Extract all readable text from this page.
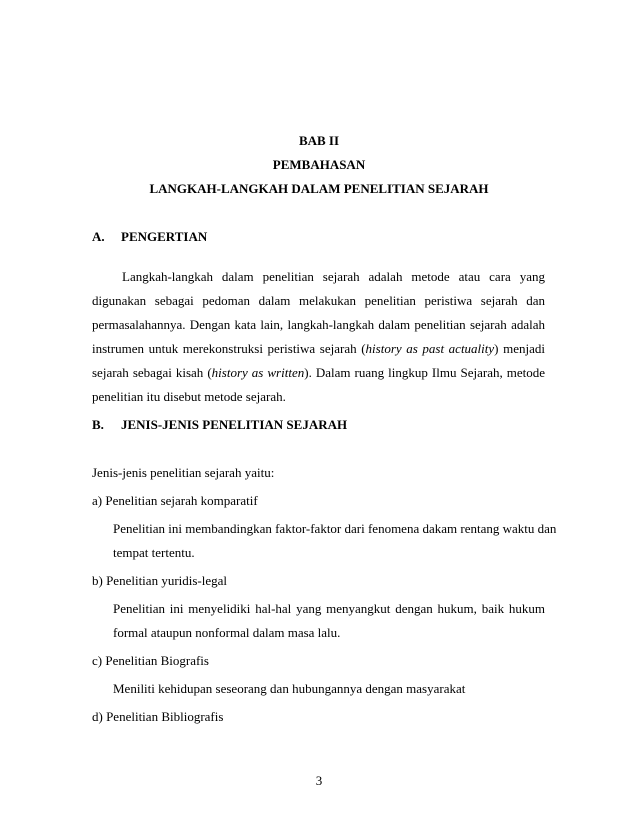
BAB II

PEMBAHASAN

LANGKAH-LANGKAH DALAM PENELITIAN SEJARAH

A. PENGERTIAN

Langkah-langkah dalam penelitian sejarah adalah metode atau cara yang

digunakan sebagai pedoman dalam melakukan penelitian peristiwa sejarah dan

permasalahannya. Dengan kata lain, langkah-langkah dalam penelitian sejarah adalah

instrumen untuk merekonstruksi peristiwa sejarah (history as past actuality) menjadi

sejarah sebagai kisah (history as written). Dalam ruang lingkup Ilmu Sejarah, metode

penelitian itu disebut metode sejarah.

B. JENIS-JENIS PENELITIAN SEJARAH

Jenis-jenis penelitian sejarah yaitu:

a) Penelitian sejarah komparatif

Penelitian ini membandingkan faktor-faktor dari fenomena dakam rentang waktu dan

tempat tertentu.

b) Penelitian yuridis-legal

Penelitian ini menyelidiki hal-hal yang menyangkut dengan hukum, baik hukum

formal ataupun nonformal dalam masa lalu.

c) Penelitian Biografis

Meniliti kehidupan seseorang dan hubungannya dengan masyarakat

d) Penelitian Bibliografis

3
